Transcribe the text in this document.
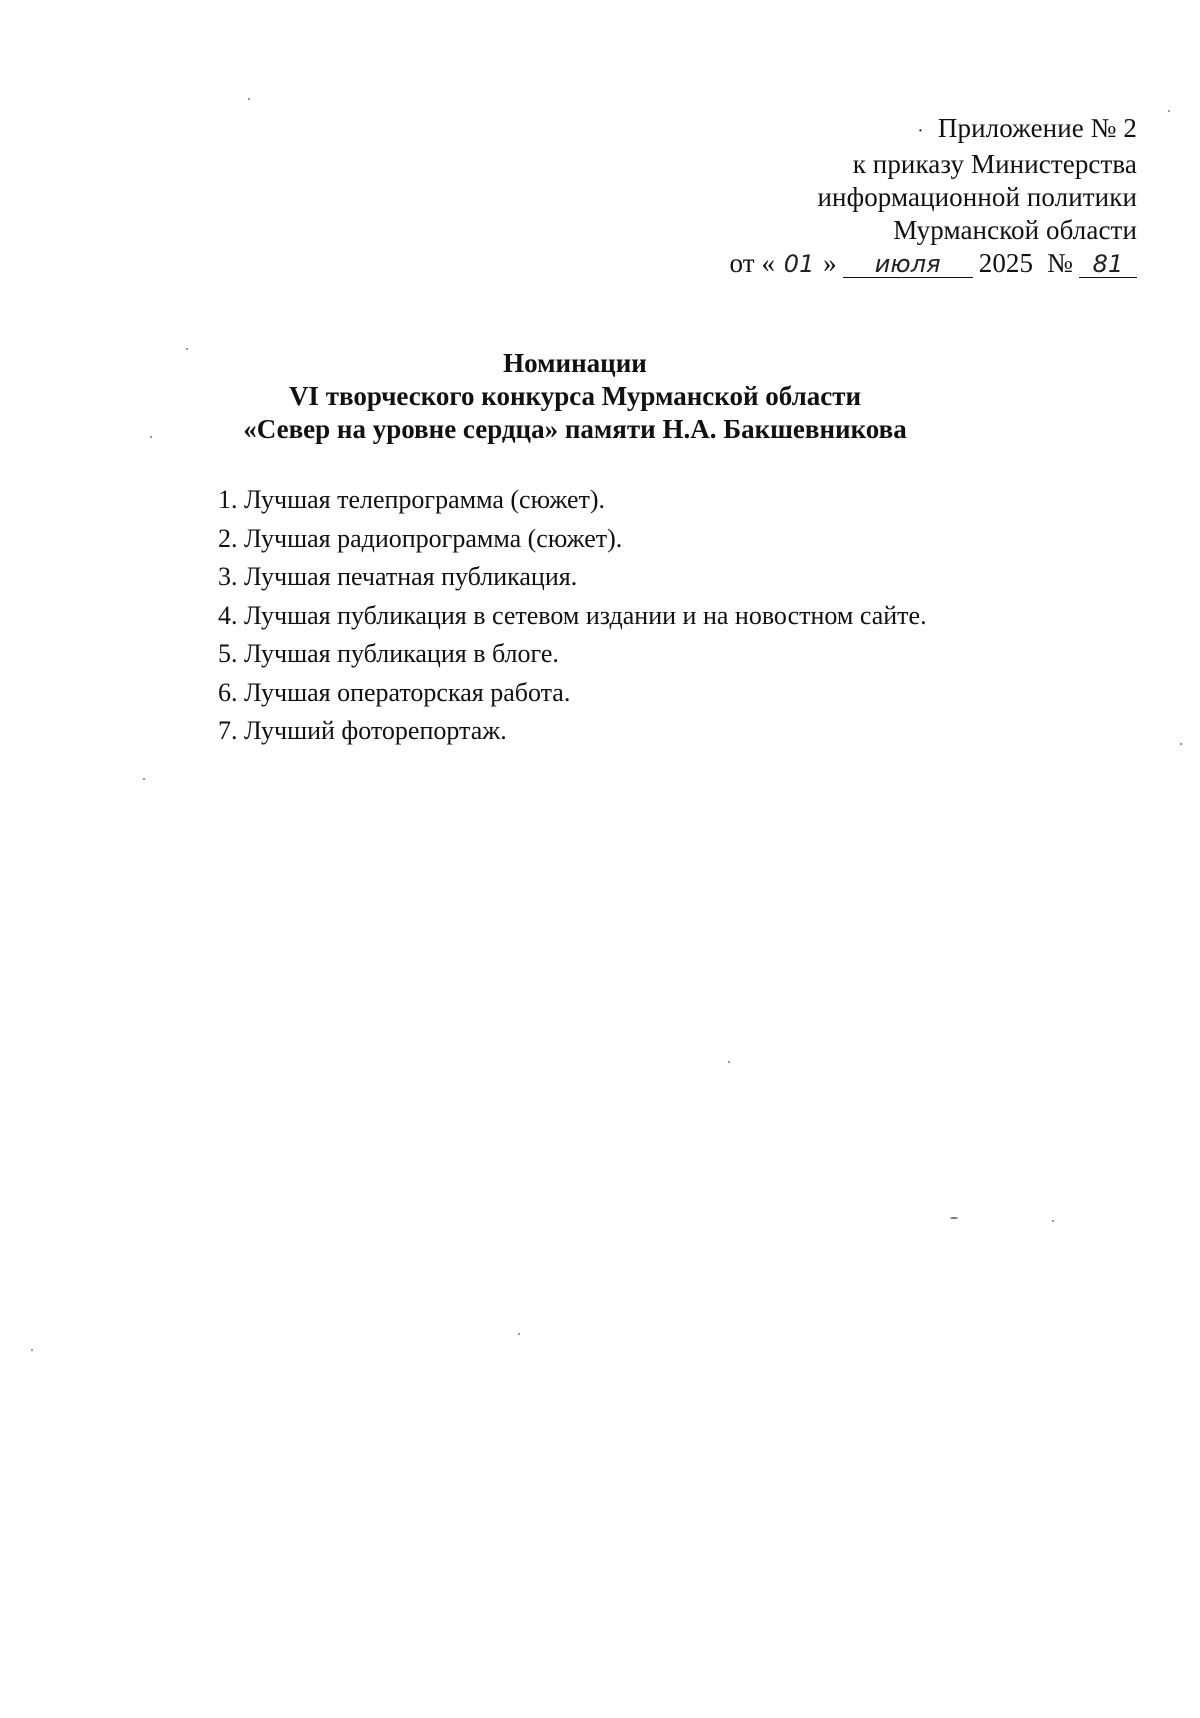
· Приложение № 2
к приказу Министерства
информационной политики
Мурманской области
от « 01 » июля 2025 № 81
Номинации
VI творческого конкурса Мурманской области
«Север на уровне сердца» памяти Н.А. Бакшевникова
1. Лучшая телепрограмма (сюжет).
2. Лучшая радиопрограмма (сюжет).
3. Лучшая печатная публикация.
4. Лучшая публикация в сетевом издании и на новостном сайте.
5. Лучшая публикация в блоге.
6. Лучшая операторская работа.
7. Лучший фоторепортаж.
